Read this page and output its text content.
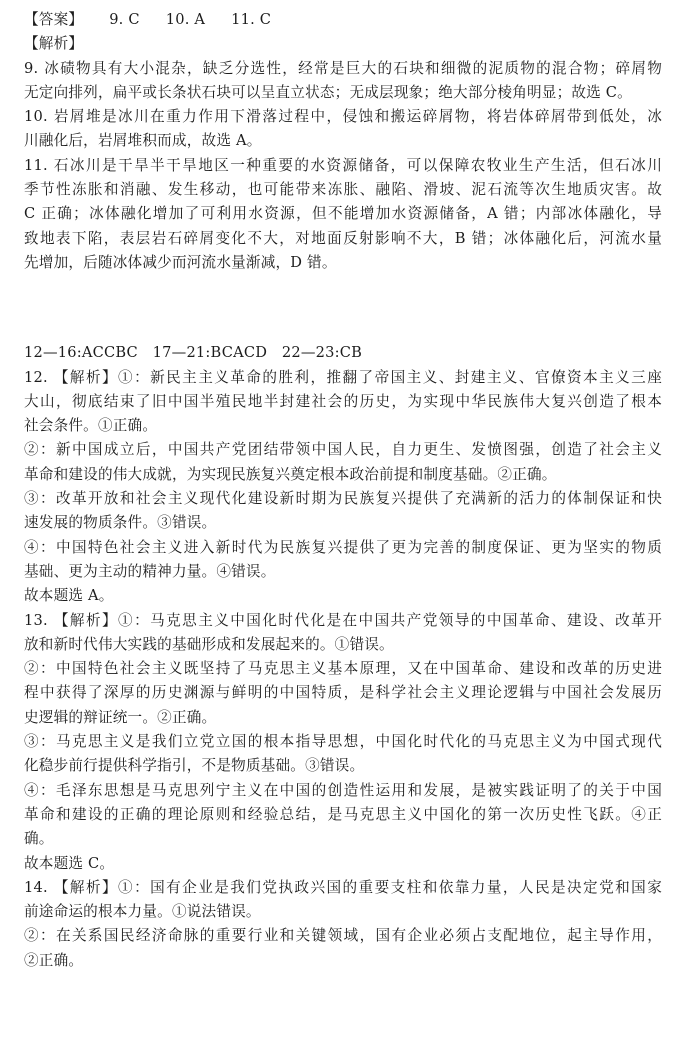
【答案】 9. C 10. A 11. C
【解析】
9. 冰碛物具有大小混杂，缺乏分选性，经常是巨大的石块和细微的泥质物的混合物；碎屑物
无定向排列，扁平或长条状石块可以呈直立状态；无成层现象；绝大部分棱角明显；故选 C。
10. 岩屑堆是冰川在重力作用下滑落过程中，侵蚀和搬运碎屑物，将岩体碎屑带到低处，冰
川融化后，岩屑堆积而成，故选 A。
11. 石冰川是干旱半干旱地区一种重要的水资源储备，可以保障农牧业生产生活，但石冰川
季节性冻胀和消融、发生移动，也可能带来冻胀、融陷、滑坡、泥石流等次生地质灾害。故
C 正确；冰体融化增加了可利用水资源，但不能增加水资源储备，A 错；内部冰体融化，导
致地表下陷，表层岩石碎屑变化不大，对地面反射影响不大，B 错；冰体融化后，河流水量
先增加，后随冰体减少而河流水量渐减，D 错。
12—16:ACCBC　17—21:BCACD　22—23:CB
12. 【解析】①：新民主主义革命的胜利，推翻了帝国主义、封建主义、官僚资本主义三座
大山，彻底结束了旧中国半殖民地半封建社会的历史，为实现中华民族伟大复兴创造了根本
社会条件。①正确。
②：新中国成立后，中国共产党团结带领中国人民，自力更生、发愤图强，创造了社会主义
革命和建设的伟大成就，为实现民族复兴奠定根本政治前提和制度基础。②正确。
③：改革开放和社会主义现代化建设新时期为民族复兴提供了充满新的活力的体制保证和快
速发展的物质条件。③错误。
④：中国特色社会主义进入新时代为民族复兴提供了更为完善的制度保证、更为坚实的物质
基础、更为主动的精神力量。④错误。
故本题选 A。
13. 【解析】①：马克思主义中国化时代化是在中国共产党领导的中国革命、建设、改革开
放和新时代伟大实践的基础形成和发展起来的。①错误。
②：中国特色社会主义既坚持了马克思主义基本原理，又在中国革命、建设和改革的历史进
程中获得了深厚的历史渊源与鲜明的中国特质，是科学社会主义理论逻辑与中国社会发展历
史逻辑的辩证统一。②正确。
③：马克思主义是我们立党立国的根本指导思想，中国化时代化的马克思主义为中国式现代
化稳步前行提供科学指引，不是物质基础。③错误。
④：毛泽东思想是马克思列宁主义在中国的创造性运用和发展，是被实践证明了的关于中国
革命和建设的正确的理论原则和经验总结，是马克思主义中国化的第一次历史性飞跃。④正
确。
故本题选 C。
14. 【解析】①：国有企业是我们党执政兴国的重要支柱和依靠力量，人民是决定党和国家
前途命运的根本力量。①说法错误。
②：在关系国民经济命脉的重要行业和关键领域，国有企业必须占支配地位，起主导作用，
②正确。
